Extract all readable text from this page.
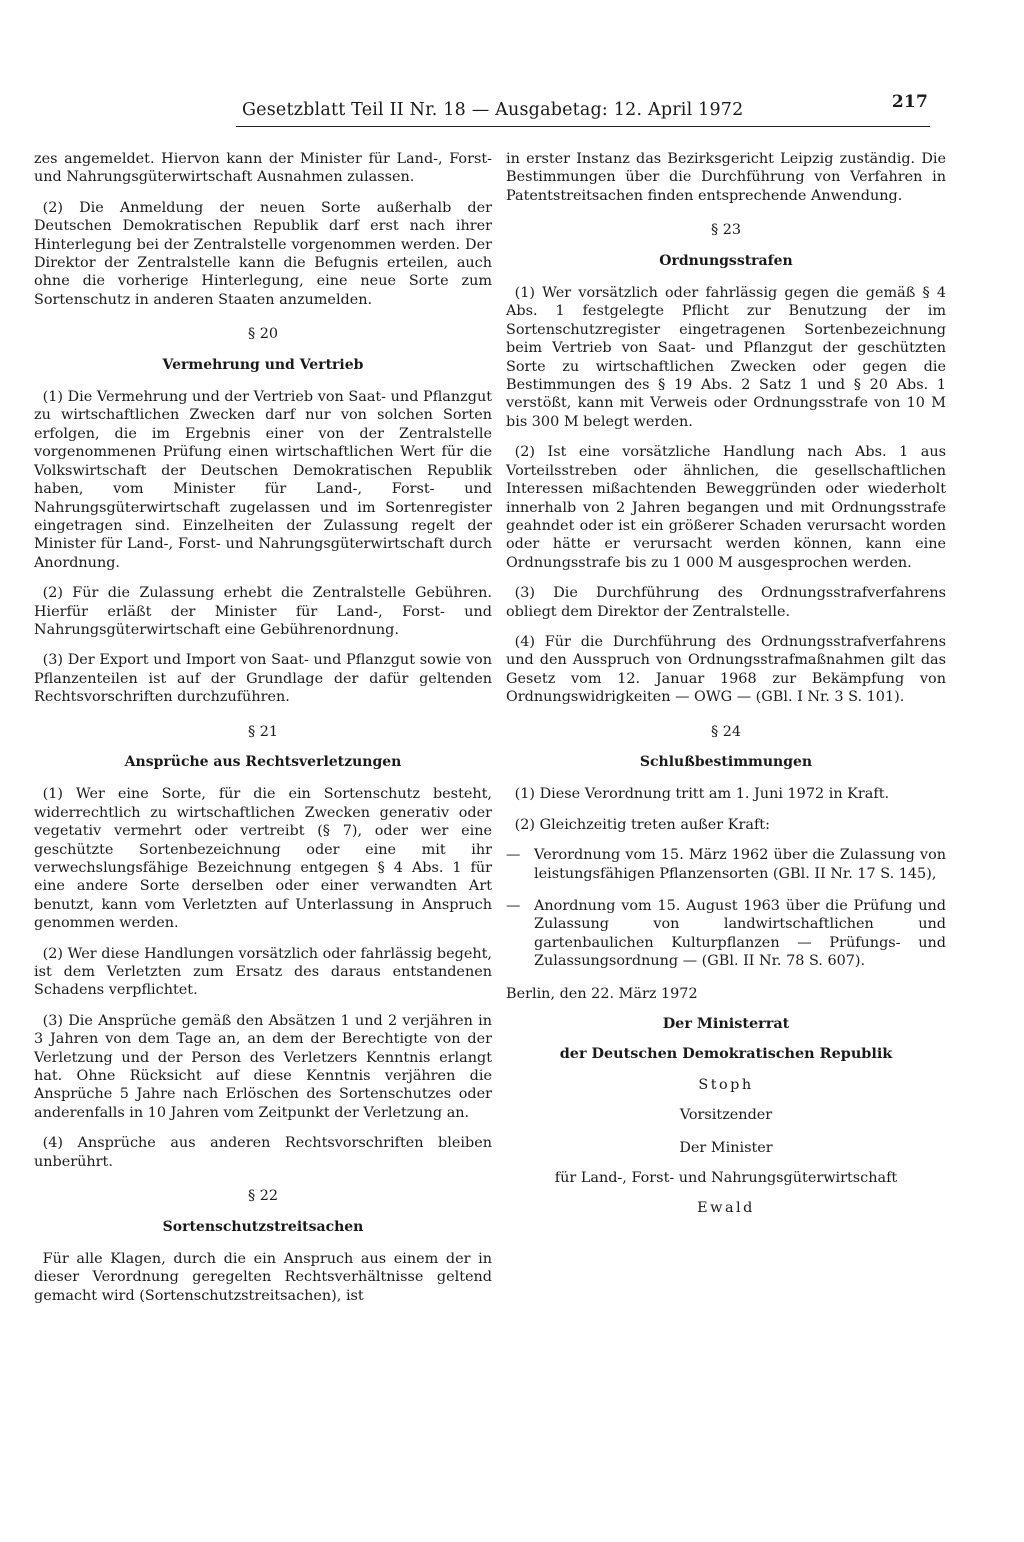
Gesetzblatt Teil II Nr. 18 — Ausgabetag: 12. April 1972	217

zes angemeldet. Hiervon kann der Minister für Land-, Forst- und Nahrungsgüterwirtschaft Ausnahmen zulassen.

(2) Die Anmeldung der neuen Sorte außerhalb der Deutschen Demokratischen Republik darf erst nach ihrer Hinterlegung bei der Zentralstelle vorgenommen werden. Der Direktor der Zentralstelle kann die Befugnis erteilen, auch ohne die vorherige Hinterlegung, eine neue Sorte zum Sortenschutz in anderen Staaten anzumelden.

§ 20
Vermehrung und Vertrieb

(1) Die Vermehrung und der Vertrieb von Saat- und Pflanzgut zu wirtschaftlichen Zwecken darf nur von solchen Sorten erfolgen, die im Ergebnis einer von der Zentralstelle vorgenommenen Prüfung einen wirtschaftlichen Wert für die Volkswirtschaft der Deutschen Demokratischen Republik haben, vom Minister für Land-, Forst- und Nahrungsgüterwirtschaft zugelassen und im Sortenregister eingetragen sind. Einzelheiten der Zulassung regelt der Minister für Land-, Forst- und Nahrungsgüterwirtschaft durch Anordnung.

(2) Für die Zulassung erhebt die Zentralstelle Gebühren. Hierfür erläßt der Minister für Land-, Forst- und Nahrungsgüterwirtschaft eine Gebührenordnung.

(3) Der Export und Import von Saat- und Pflanzgut sowie von Pflanzenteilen ist auf der Grundlage der dafür geltenden Rechtsvorschriften durchzuführen.

§ 21
Ansprüche aus Rechtsverletzungen

(1) Wer eine Sorte, für die ein Sortenschutz besteht, widerrechtlich zu wirtschaftlichen Zwecken generativ oder vegetativ vermehrt oder vertreibt (§ 7), oder wer eine geschützte Sortenbezeichnung oder eine mit ihr verwechslungsfähige Bezeichnung entgegen § 4 Abs. 1 für eine andere Sorte derselben oder einer verwandten Art benutzt, kann vom Verletzten auf Unterlassung in Anspruch genommen werden.

(2) Wer diese Handlungen vorsätzlich oder fahrlässig begeht, ist dem Verletzten zum Ersatz des daraus entstandenen Schadens verpflichtet.

(3) Die Ansprüche gemäß den Absätzen 1 und 2 verjähren in 3 Jahren von dem Tage an, an dem der Berechtigte von der Verletzung und der Person des Verletzers Kenntnis erlangt hat. Ohne Rücksicht auf diese Kenntnis verjähren die Ansprüche 5 Jahre nach Erlöschen des Sortenschutzes oder anderenfalls in 10 Jahren vom Zeitpunkt der Verletzung an.

(4) Ansprüche aus anderen Rechtsvorschriften bleiben unberührt.

§ 22
Sortenschutzstreitsachen

Für alle Klagen, durch die ein Anspruch aus einem der in dieser Verordnung geregelten Rechtsverhältnisse geltend gemacht wird (Sortenschutzstreitsachen), ist

in erster Instanz das Bezirksgericht Leipzig zuständig. Die Bestimmungen über die Durchführung von Verfahren in Patentstreitsachen finden entsprechende Anwendung.

§ 23
Ordnungsstrafen

(1) Wer vorsätzlich oder fahrlässig gegen die gemäß § 4 Abs. 1 festgelegte Pflicht zur Benutzung der im Sortenschutzregister eingetragenen Sortenbezeichnung beim Vertrieb von Saat- und Pflanzgut der geschützten Sorte zu wirtschaftlichen Zwecken oder gegen die Bestimmungen des § 19 Abs. 2 Satz 1 und § 20 Abs. 1 verstößt, kann mit Verweis oder Ordnungsstrafe von 10 M bis 300 M belegt werden.

(2) Ist eine vorsätzliche Handlung nach Abs. 1 aus Vorteilsstreben oder ähnlichen, die gesellschaftlichen Interessen mißachtenden Beweggründen oder wiederholt innerhalb von 2 Jahren begangen und mit Ordnungsstrafe geahndet oder ist ein größerer Schaden verursacht worden oder hätte er verursacht werden können, kann eine Ordnungsstrafe bis zu 1 000 M ausgesprochen werden.

(3) Die Durchführung des Ordnungsstrafverfahrens obliegt dem Direktor der Zentralstelle.

(4) Für die Durchführung des Ordnungsstrafverfahrens und den Ausspruch von Ordnungsstrafmaßnahmen gilt das Gesetz vom 12. Januar 1968 zur Bekämpfung von Ordnungswidrigkeiten — OWG — (GBl. I Nr. 3 S. 101).

§ 24
Schlußbestimmungen

(1) Diese Verordnung tritt am 1. Juni 1972 in Kraft.

(2) Gleichzeitig treten außer Kraft:

— Verordnung vom 15. März 1962 über die Zulassung von leistungsfähigen Pflanzensorten (GBl. II Nr. 17 S. 145),
— Anordnung vom 15. August 1963 über die Prüfung und Zulassung von landwirtschaftlichen und gartenbaulichen Kulturpflanzen — Prüfungs- und Zulassungsordnung — (GBl. II Nr. 78 S. 607).

Berlin, den 22. März 1972

Der Ministerrat

der Deutschen Demokratischen Republik

Stoph

Vorsitzender

Der Minister

für Land-, Forst- und Nahrungsgüterwirtschaft

Ewald
